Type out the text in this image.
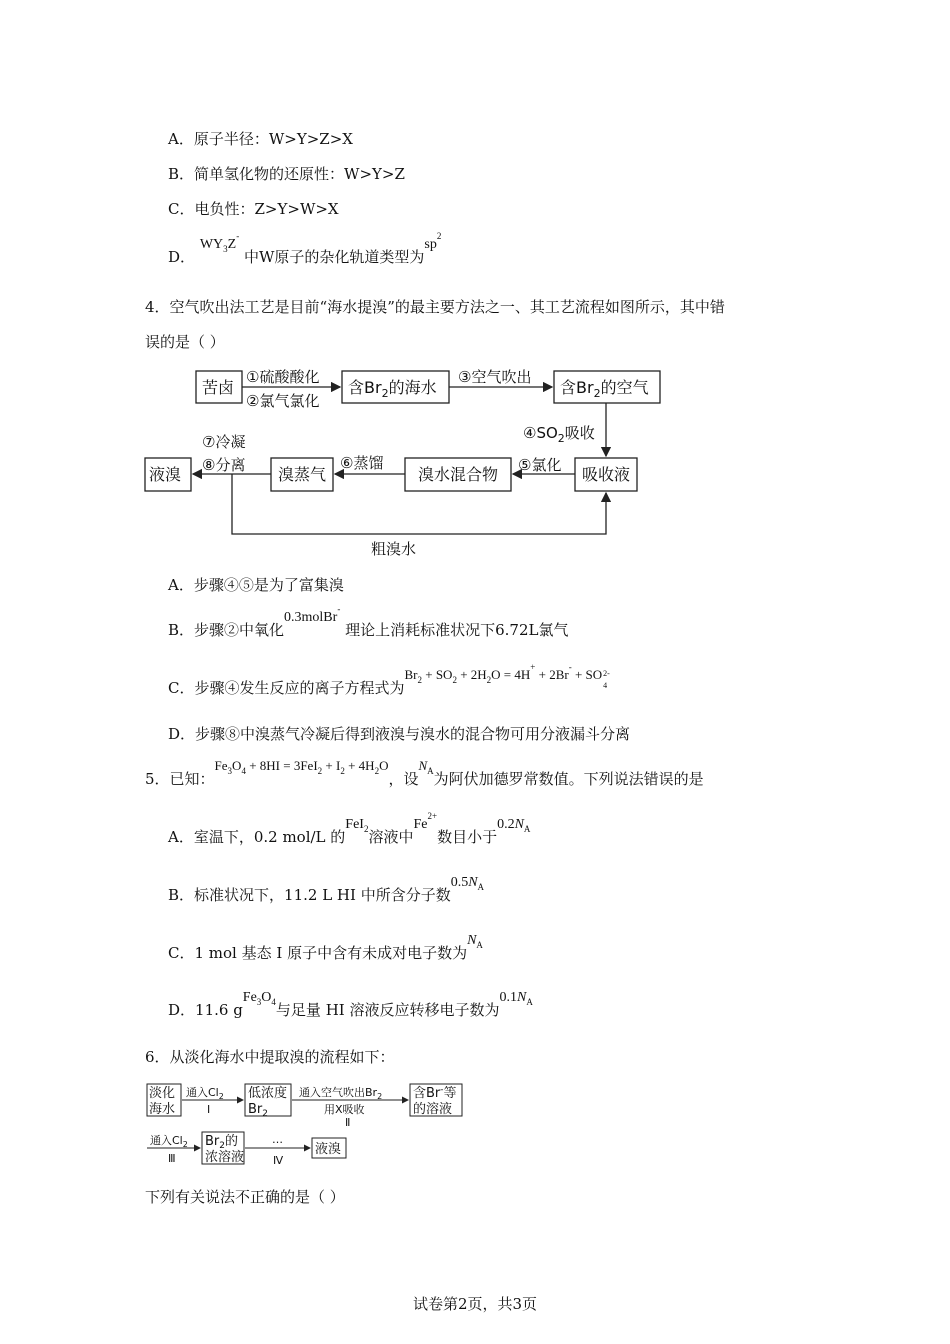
A．原子半径：W>Y>Z>X
B．简单氢化物的还原性：W>Y>Z
C．电负性：Z>Y>W>X
D． $WY_3Z^-$ 中W原子的杂化轨道类型为$sp^2$
4．空气吹出法工艺是目前“海水提溴”的最主要方法之一、其工艺流程如图所示，其中错
误的是（ ）
苦卤
①硫酸酸化
②氯气氯化
含$Br_2$的海水
③空气吹出
含$Br_2$的空气
$④SO_2$吸收
吸收液
⑤氯化
溴水混合物
⑥蒸馏
溴蒸气
⑦冷凝
⑧分离
液溴
粗溴水
A．步骤④⑤是为了富集溴
B．步骤②中氧化0.3molBr- 理论上消耗标准状况下6.72L氯气
C．步骤④发生反应的离子方程式为$Br_2 + SO_2 + 2H_2O = 4H^+ + 2Br^-$ + SO 2-
4
D．步骤⑧中溴蒸气冷凝后得到液溴与溴水的混合物可用分液漏斗分离
5．已知：$Fe_3O_4 + 8HI = 3FeI_2 + I_2 + 4H_2O$，设$N_A$为阿伏加德罗常数值。下列说法错误的是
A．室温下，0.2 mol/L 的FeI$_2$溶液中$Fe^{2+}$数目小于$0.2N_A$
B．标准状况下，11.2 L HI 中所含分子数$0.5N_A$
C．1 mol 基态 I 原子中含有未成对电子数为$N_A$
D．11.6 $gFe_3O_4$与足量 HI 溶液反应转移电子数为$0.1N_A$
6．从淡化海水中提取溴的流程如下：
淡化
海水
通入$Cl_2$
Ⅰ
低浓度
$Br_2$
通入空气吹出$Br_2$
用X吸收
Ⅱ
含Br-等
的溶液
通入$Cl_2$
Ⅲ
$Br_2$的
浓溶液
…
Ⅳ
液溴
下列有关说法不正确的是（ ）
试卷第2页，共3页
